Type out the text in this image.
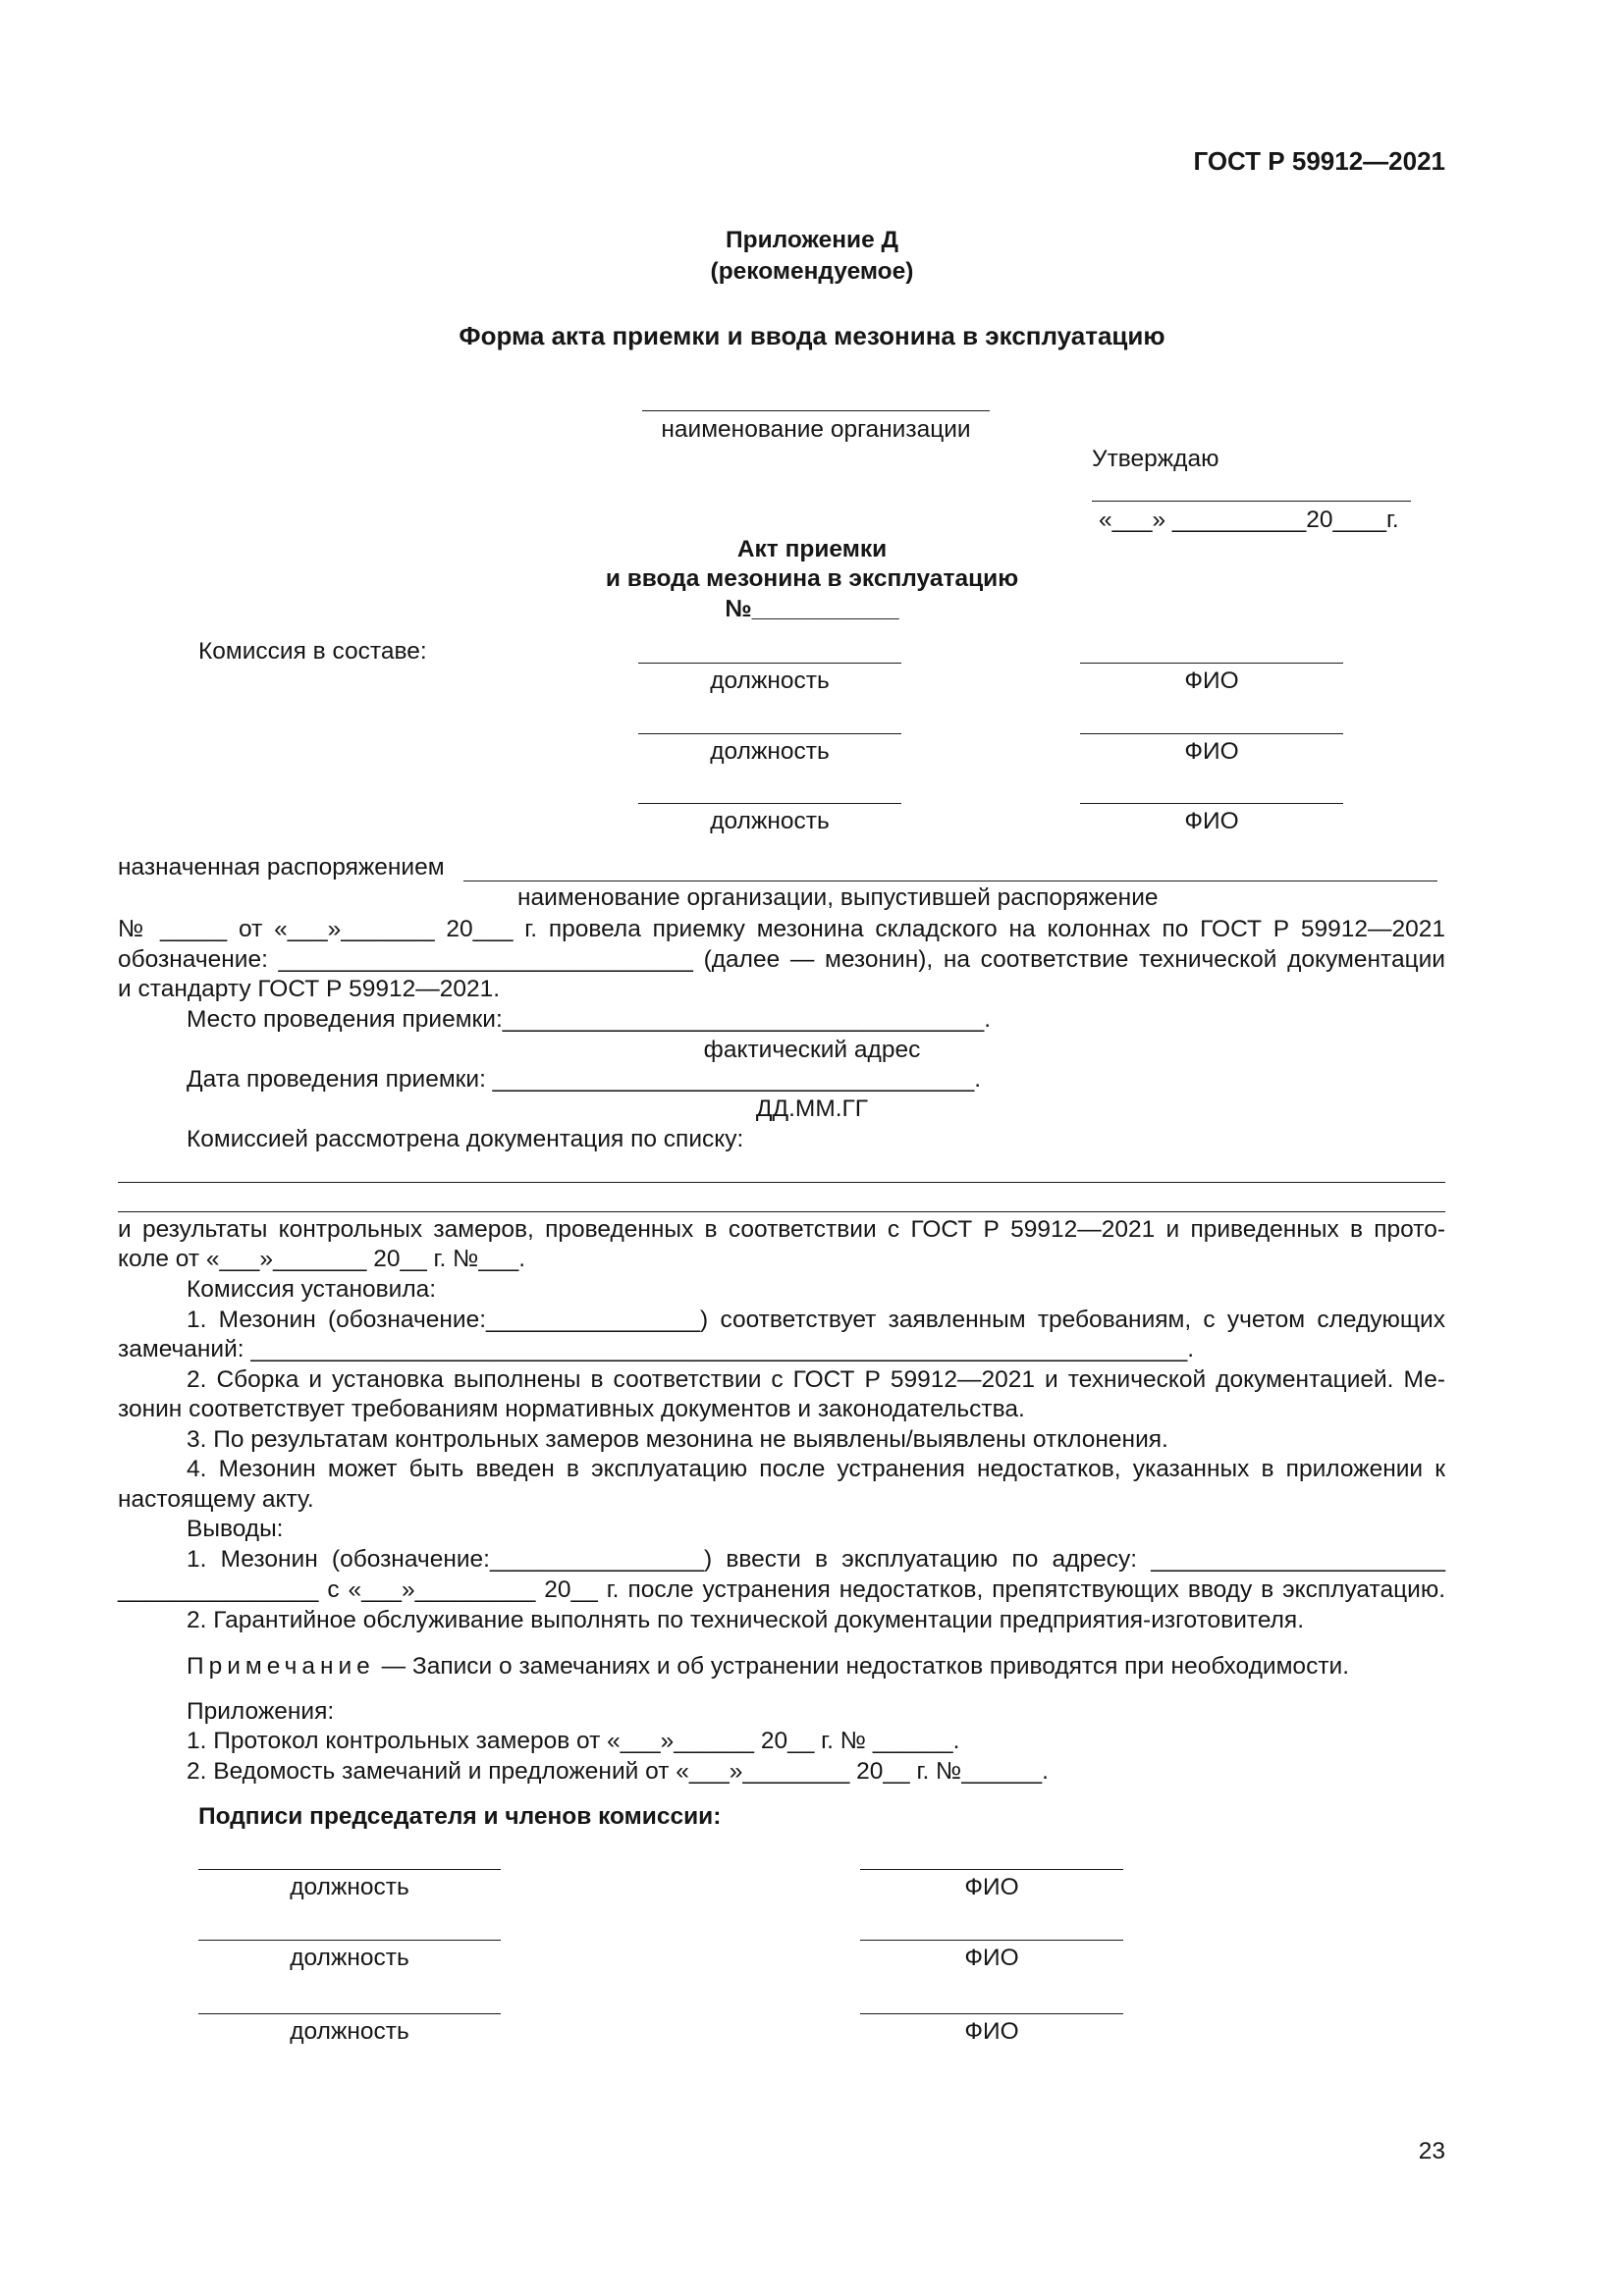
ГОСТ Р 59912—2021
Приложение Д
(рекомендуемое)
Форма акта приемки и ввода мезонина в эксплуатацию
наименование организации
Утверждаю
«___» __________20____г.
Акт приемки
и ввода мезонина в эксплуатацию
№___________
Комиссия в составе:
должность	ФИО
должность	ФИО
должность	ФИО
назначенная распоряжением
наименование организации, выпустившей распоряжение
№ _____ от «___»_______ 20___ г. провела приемку мезонина складского на колоннах по ГОСТ Р 59912—2021
обозначение: _______________________________ (далее — мезонин), на соответствие технической документации
и стандарту ГОСТ Р 59912—2021.
Место проведения приемки:____________________________________.
фактический адрес
Дата проведения приемки: ____________________________________.
ДД.ММ.ГГ
Комиссией рассмотрена документация по списку:
и результаты контрольных замеров, проведенных в соответствии с ГОСТ Р 59912—2021 и приведенных в прото-
коле от «___»_______ 20__ г. №___.
Комиссия установила:
1. Мезонин (обозначение:________________) соответствует заявленным требованиям, с учетом следующих
замечаний: ______________________________________________________________________.
2. Сборка и установка выполнены в соответствии с ГОСТ Р 59912—2021 и технической документацией. Ме-
зонин соответствует требованиям нормативных документов и законодательства.
3. По результатам контрольных замеров мезонина не выявлены/выявлены отклонения.
4. Мезонин может быть введен в эксплуатацию после устранения недостатков, указанных в приложении к
настоящему акту.
Выводы:
1. Мезонин (обозначение:________________) ввести в эксплуатацию по адресу: ______________________
_______________ с «___»_________ 20__ г. после устранения недостатков, препятствующих вводу в эксплуатацию.
2. Гарантийное обслуживание выполнять по технической документации предприятия-изготовителя.
Примечание — Записи о замечаниях и об устранении недостатков приводятся при необходимости.
Приложения:
1. Протокол контрольных замеров от «___»______ 20__ г. № ______.
2. Ведомость замечаний и предложений от «___»________ 20__ г. №______.
Подписи председателя и членов комиссии:
должность	ФИО
должность	ФИО
должность	ФИО
23
